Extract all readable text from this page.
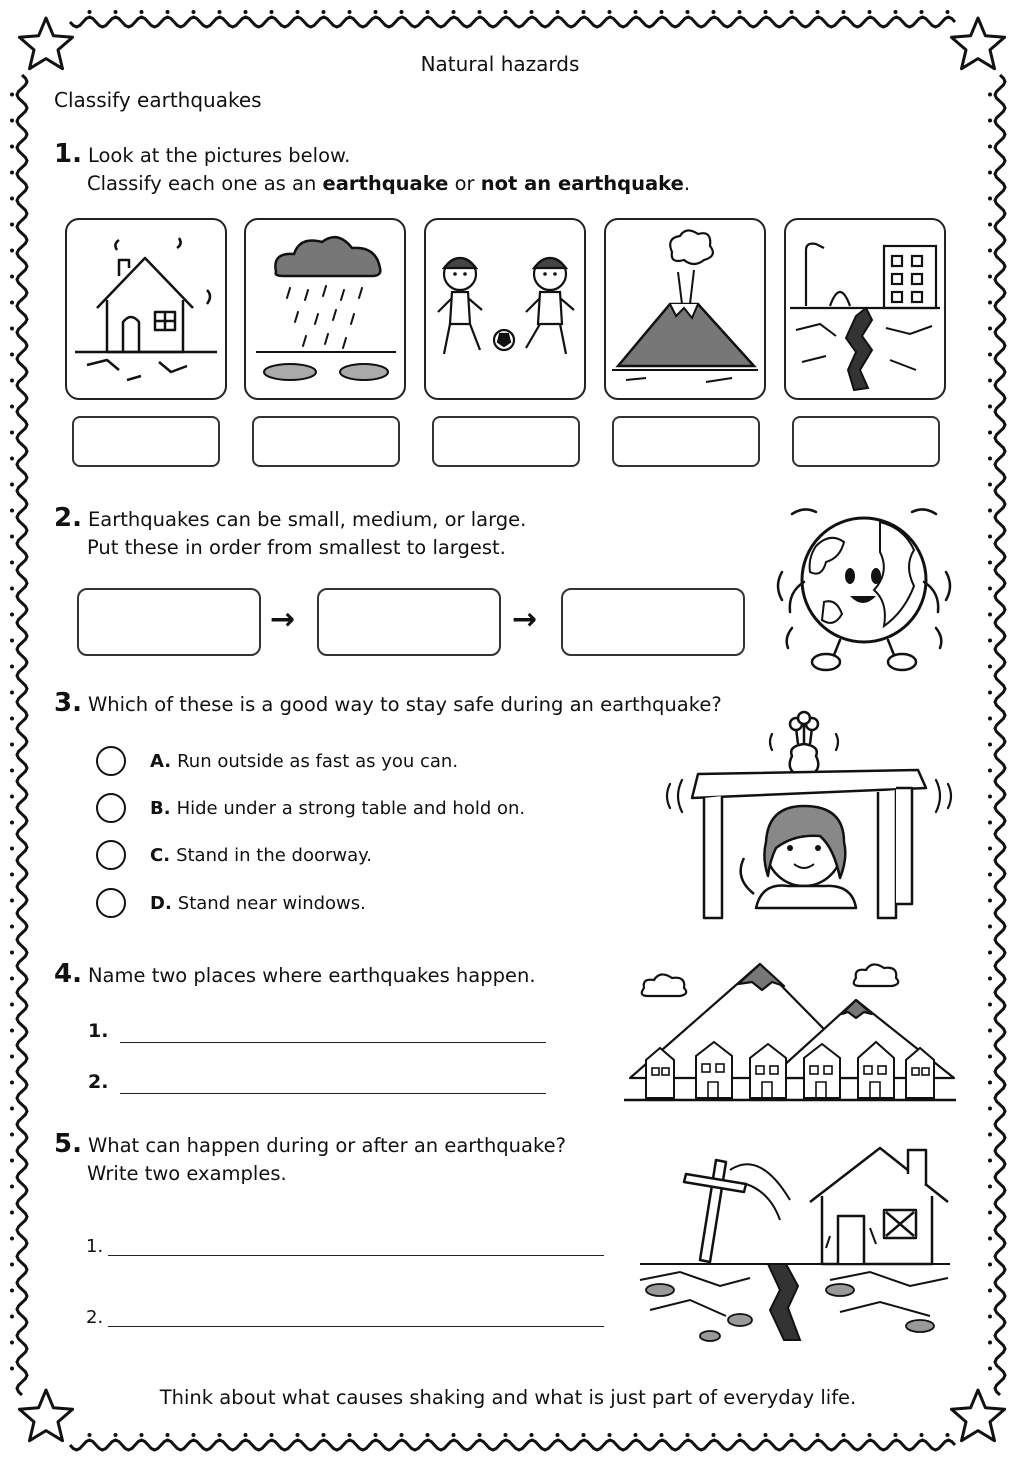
Natural hazards
Classify earthquakes
1. Look at the pictures below.
Classify each one as an earthquake or not an earthquake.
2. Earthquakes can be small, medium, or large.
Put these in order from smallest to largest.
→	→
3. Which of these is a good way to stay safe during an earthquake?
A. Run outside as fast as you can.
B. Hide under a strong table and hold on.
C. Stand in the doorway.
D. Stand near windows.
4. Name two places where earthquakes happen.
1.
2.
5. What can happen during or after an earthquake?
Write two examples.
1.
2.
Think about what causes shaking and what is just part of everyday life.
